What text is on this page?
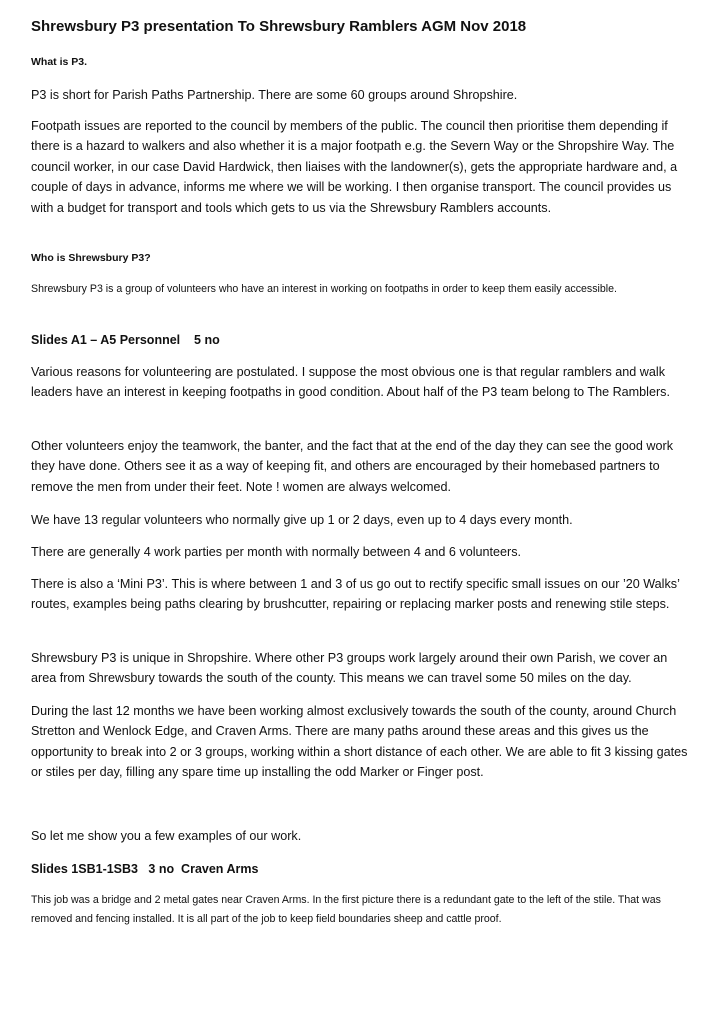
Shrewsbury P3 presentation To Shrewsbury Ramblers AGM Nov 2018
What is P3.

P3 is short for Parish Paths Partnership. There are some 60 groups around Shropshire.

Footpath issues are reported to the council by members of the public. The council then prioritise them depending if there is a hazard to walkers and also whether it is a major footpath e.g. the Severn Way or the Shropshire Way. The council worker, in our case David Hardwick, then liaises with the landowner(s), gets the appropriate hardware and, a couple of days in advance, informs me where we will be working. I then organise transport. The council provides us with a budget for transport and tools which gets to us via the Shrewsbury Ramblers accounts.

Who is Shrewsbury P3?

Shrewsbury P3 is a group of volunteers who have an interest in working on footpaths in order to keep them easily accessible.

Slides A1 – A5 Personnel    5 no

Various reasons for volunteering are postulated. I suppose the most obvious one is that regular ramblers and walk leaders have an interest in keeping footpaths in good condition. About half of the P3 team belong to The Ramblers.

Other volunteers enjoy the teamwork, the banter, and the fact that at the end of the day they can see the good work they have done. Others see it as a way of keeping fit, and others are encouraged by their homebased partners to remove the men from under their feet. Note ! women are always welcomed.

We have 13 regular volunteers who normally give up 1 or 2 days, even up to 4 days every month.

There are generally 4 work parties per month with normally between 4 and 6 volunteers.

There is also a ‘Mini P3’. This is where between 1 and 3 of us go out to rectify specific small issues on our ’20 Walks’ routes, examples being paths clearing by brushcutter, repairing or replacing marker posts and renewing stile steps.

Shrewsbury P3 is unique in Shropshire. Where other P3 groups work largely around their own Parish, we cover an area from Shrewsbury towards the south of the county. This means we can travel some 50 miles on the day.

During the last 12 months we have been working almost exclusively towards the south of the county, around Church Stretton and Wenlock Edge, and Craven Arms. There are many paths around these areas and this gives us the opportunity to break into 2 or 3 groups, working within a short distance of each other. We are able to fit 3 kissing gates or stiles per day, filling any spare time up installing the odd Marker or Finger post.

So let me show you a few examples of our work.

Slides 1SB1-1SB3   3 no  Craven Arms

This job was a bridge and 2 metal gates near Craven Arms. In the first picture there is a redundant gate to the left of the stile. That was removed and fencing installed. It is all part of the job to keep field boundaries sheep and cattle proof.
